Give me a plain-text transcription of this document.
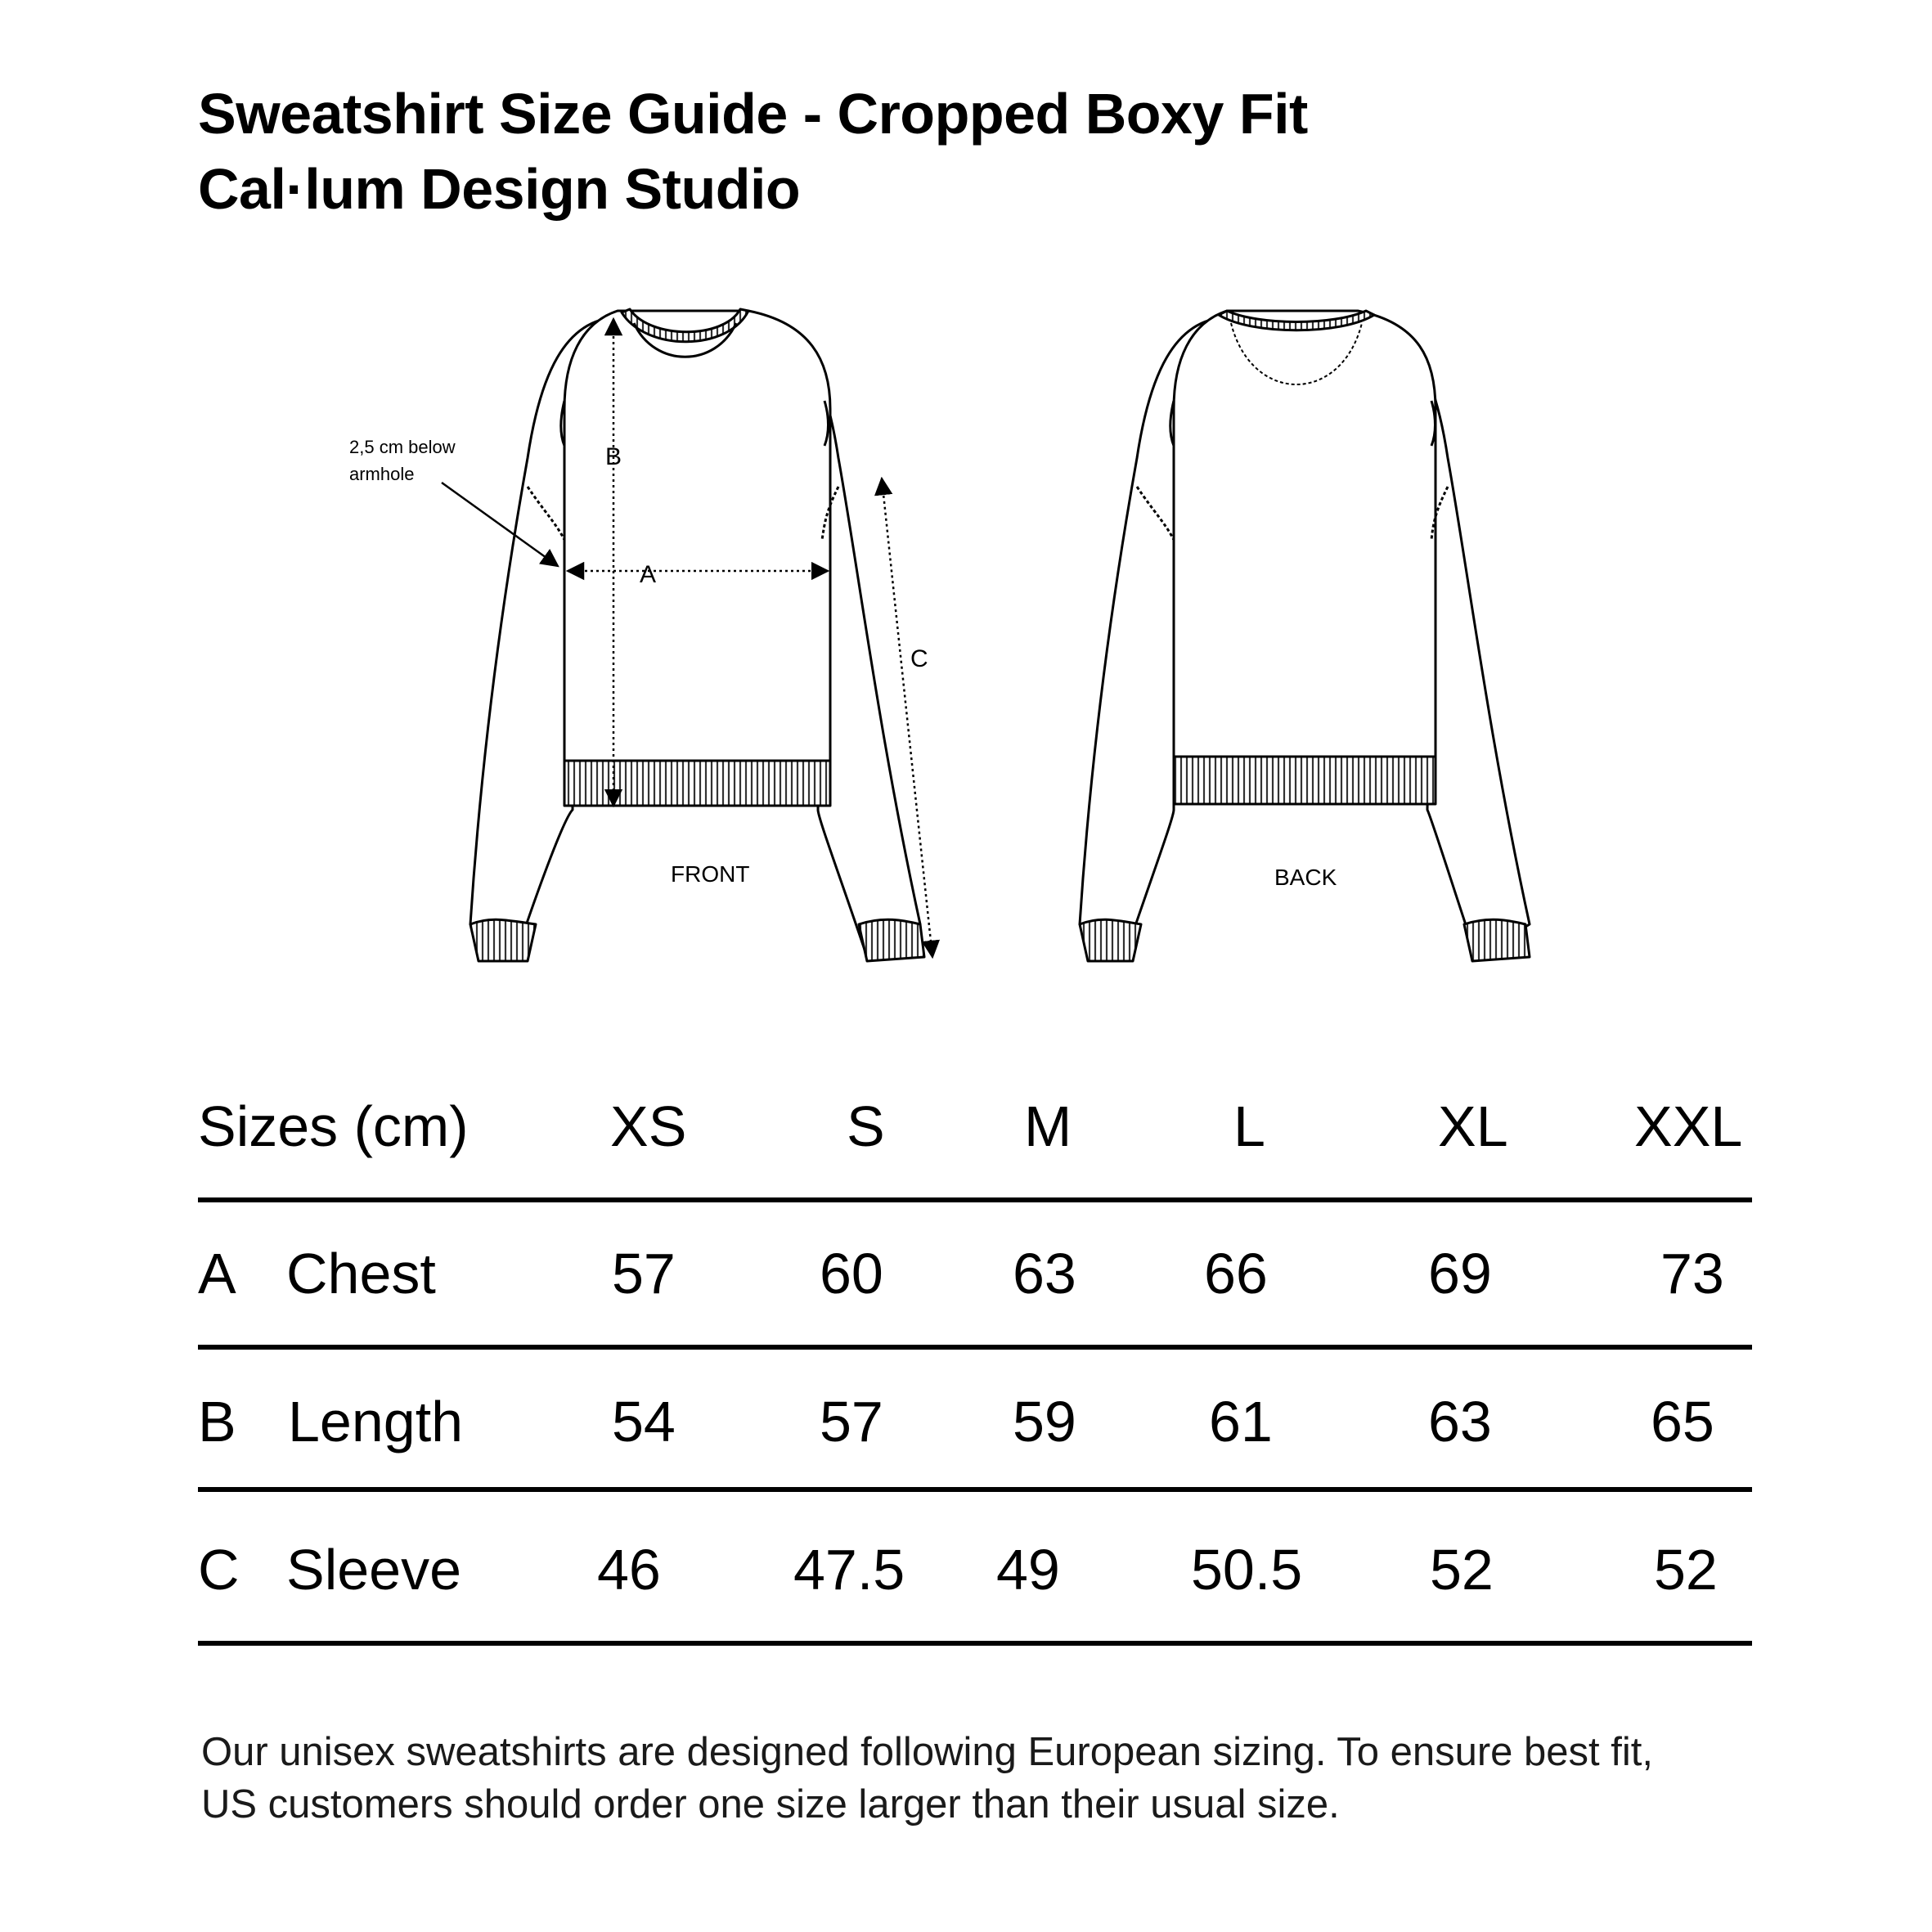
Sweatshirt Size Guide - Cropped Boxy Fit
Cal·lum Design Studio
B
A
C
2,5 cm below
armhole
FRONT	BACK
Sizes (cm) XS	S M	L	XL XXL
A Chest	57	60 63 66	69	73
B Length	54	57 59 61	63	65
C Sleeve 46 47.5 49 50.5 52	52
Our unisex sweatshirts are designed following European sizing. To ensure best fit,
US customers should order one size larger than their usual size.
